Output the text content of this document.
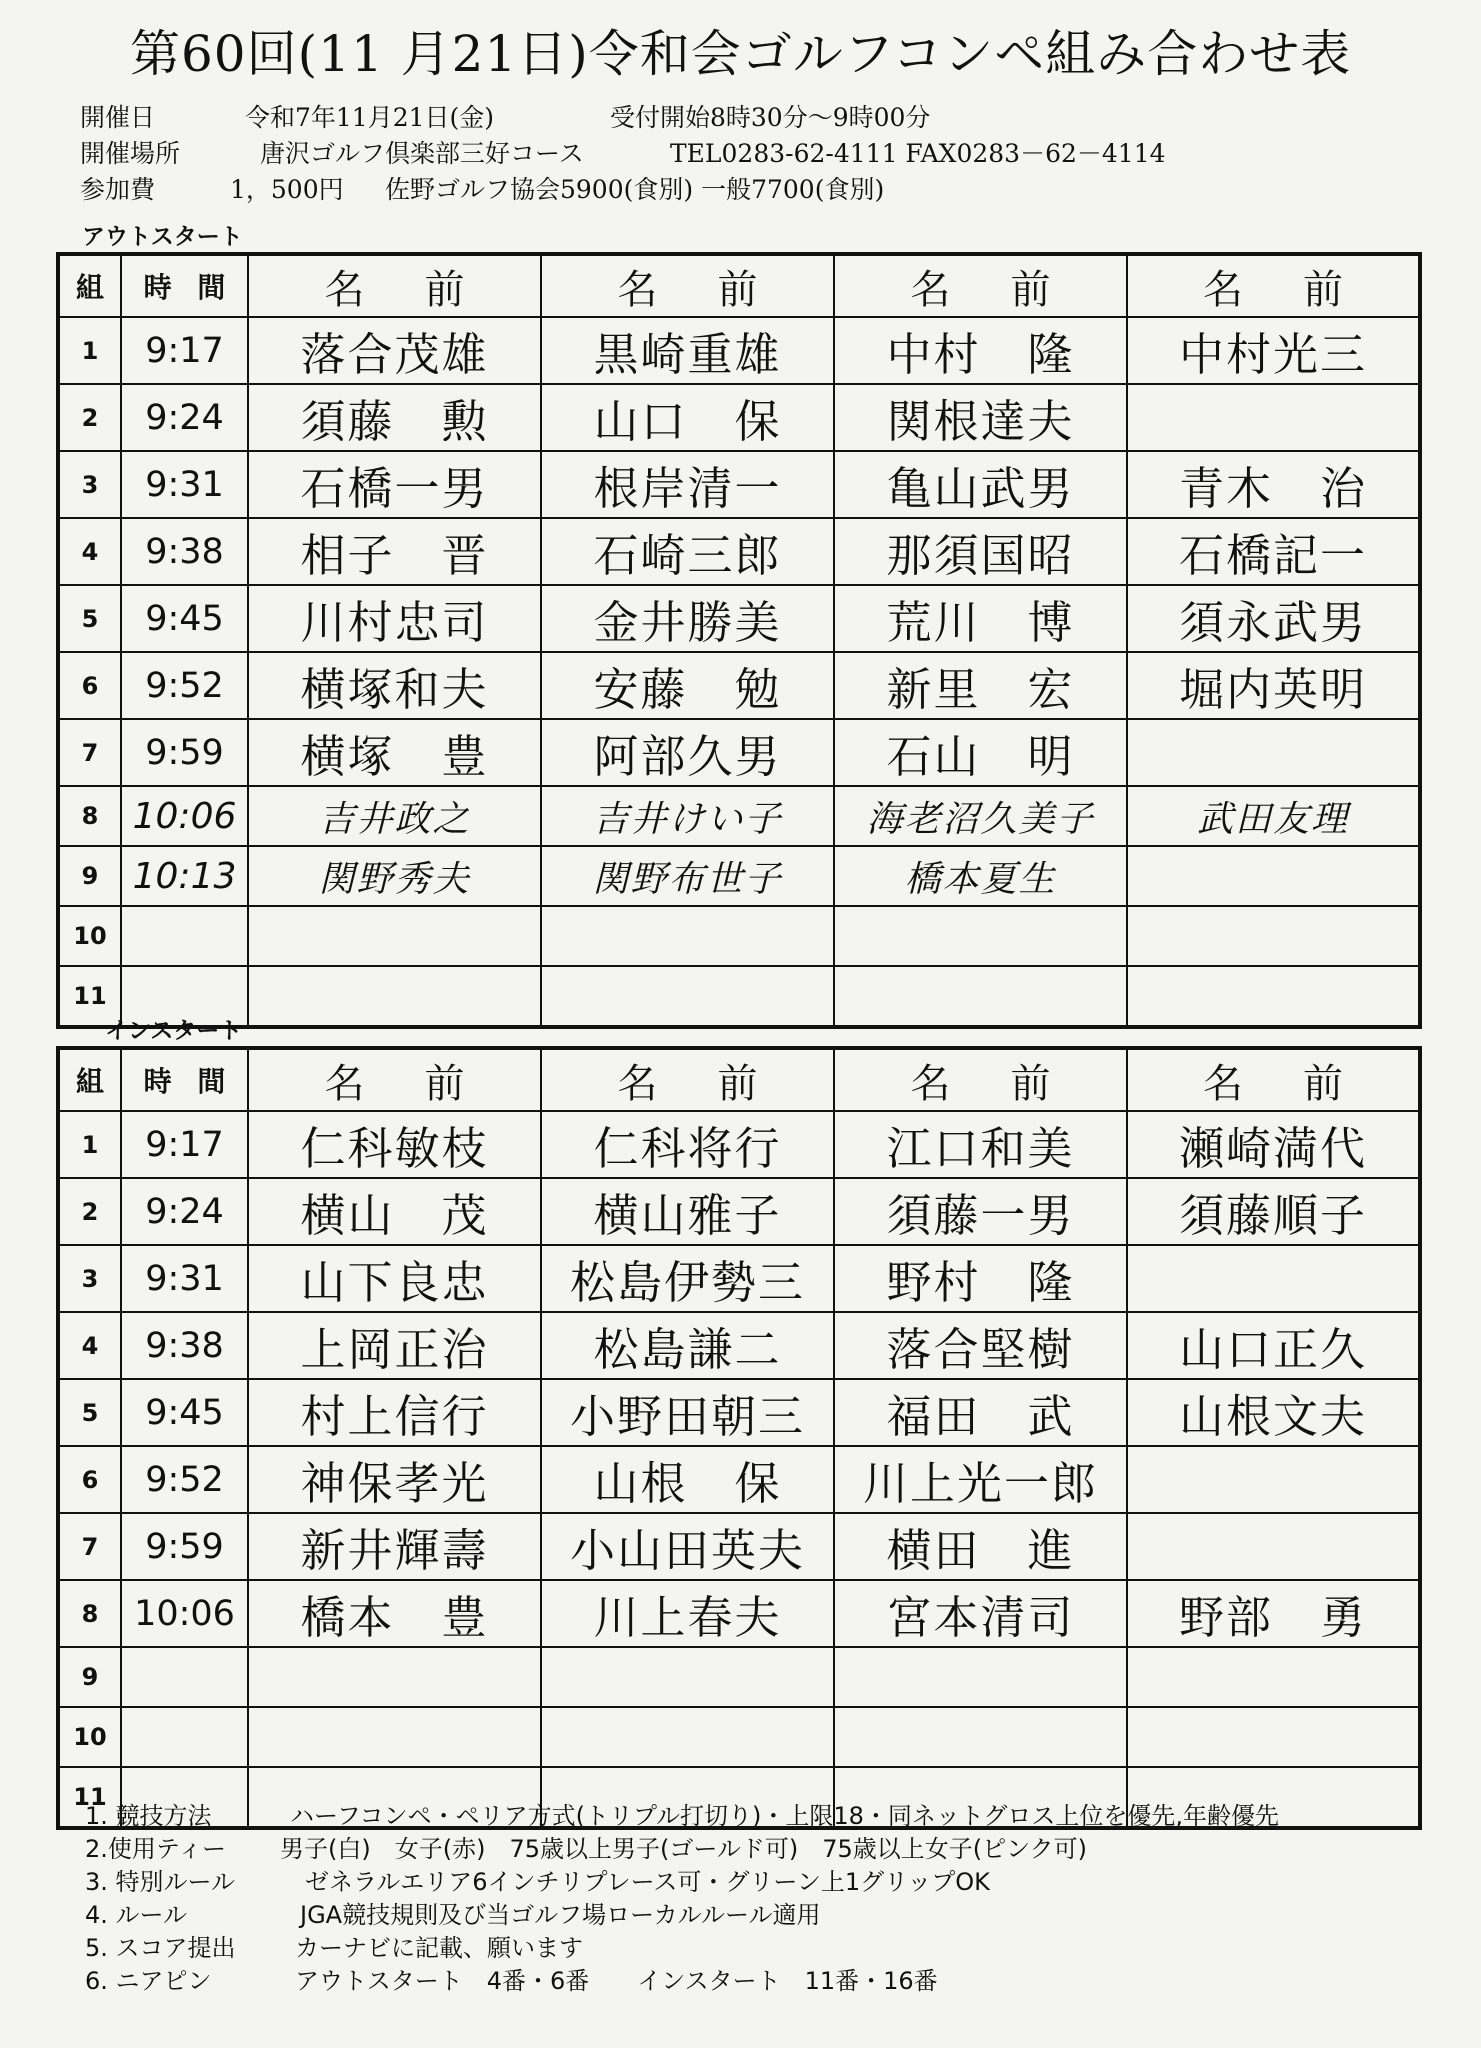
第60回(11 月21日)令和会ゴルフコンペ組み合わせ表
開催日	令和7年11月21日(金)	受付開始8時30分～9時00分
開催場所	唐沢ゴルフ倶楽部三好コース	TEL0283-62-4111 FAX0283－62－4114
参加費	1，500円 佐野ゴルフ協会5900(食別) 一般7700(食別)
アウトスタート
組	時 間	名前	名前	名前	名前
1	9:17	落合茂雄	黒崎重雄	中村　隆	中村光三
2	9:24	須藤　勲	山口　保	関根達夫	
3	9:31	石橋一男	根岸清一	亀山武男	青木　治
4	9:38	相子　晋	石崎三郎	那須国昭	石橋記一
5	9:45	川村忠司	金井勝美	荒川　博	須永武男
6	9:52	横塚和夫	安藤　勉	新里　宏	堀内英明
7	9:59	横塚　豊	阿部久男	石山　明	
8	10:06	吉井政之	吉井けい子	海老沼久美子	武田友理
9	10:13	関野秀夫	関野布世子	橋本夏生	
10					
11					
インスタート
組	時 間	名前	名前	名前	名前
1	9:17	仁科敏枝	仁科将行	江口和美	瀬崎満代
2	9:24	横山　茂	横山雅子	須藤一男	須藤順子
3	9:31	山下良忠	松島伊勢三	野村　隆	
4	9:38	上岡正治	松島謙二	落合堅樹	山口正久
5	9:45	村上信行	小野田朝三	福田　武	山根文夫
6	9:52	神保孝光	山根　保	川上光一郎	
7	9:59	新井輝壽	小山田英夫	横田　進	
8	10:06	橋本　豊	川上春夫	宮本清司	野部　勇
9					
10					
11					
1. 競技方法	ハーフコンペ・ペリア方式(トリプル打切り)・上限18・同ネットグロス上位を優先,年齢優先
2.使用ティー 男子(白)　女子(赤)　75歳以上男子(ゴールド可)　75歳以上女子(ピンク可)
3. 特別ルール	ゼネラルエリア6インチリプレース可・グリーン上1グリップOK
4. ルール	JGA競技規則及び当ゴルフ場ローカルルール適用
5. スコア提出 カーナビに記載、願います
6. ニアピン	アウトスタート　4番・6番　　インスタート　11番・16番
